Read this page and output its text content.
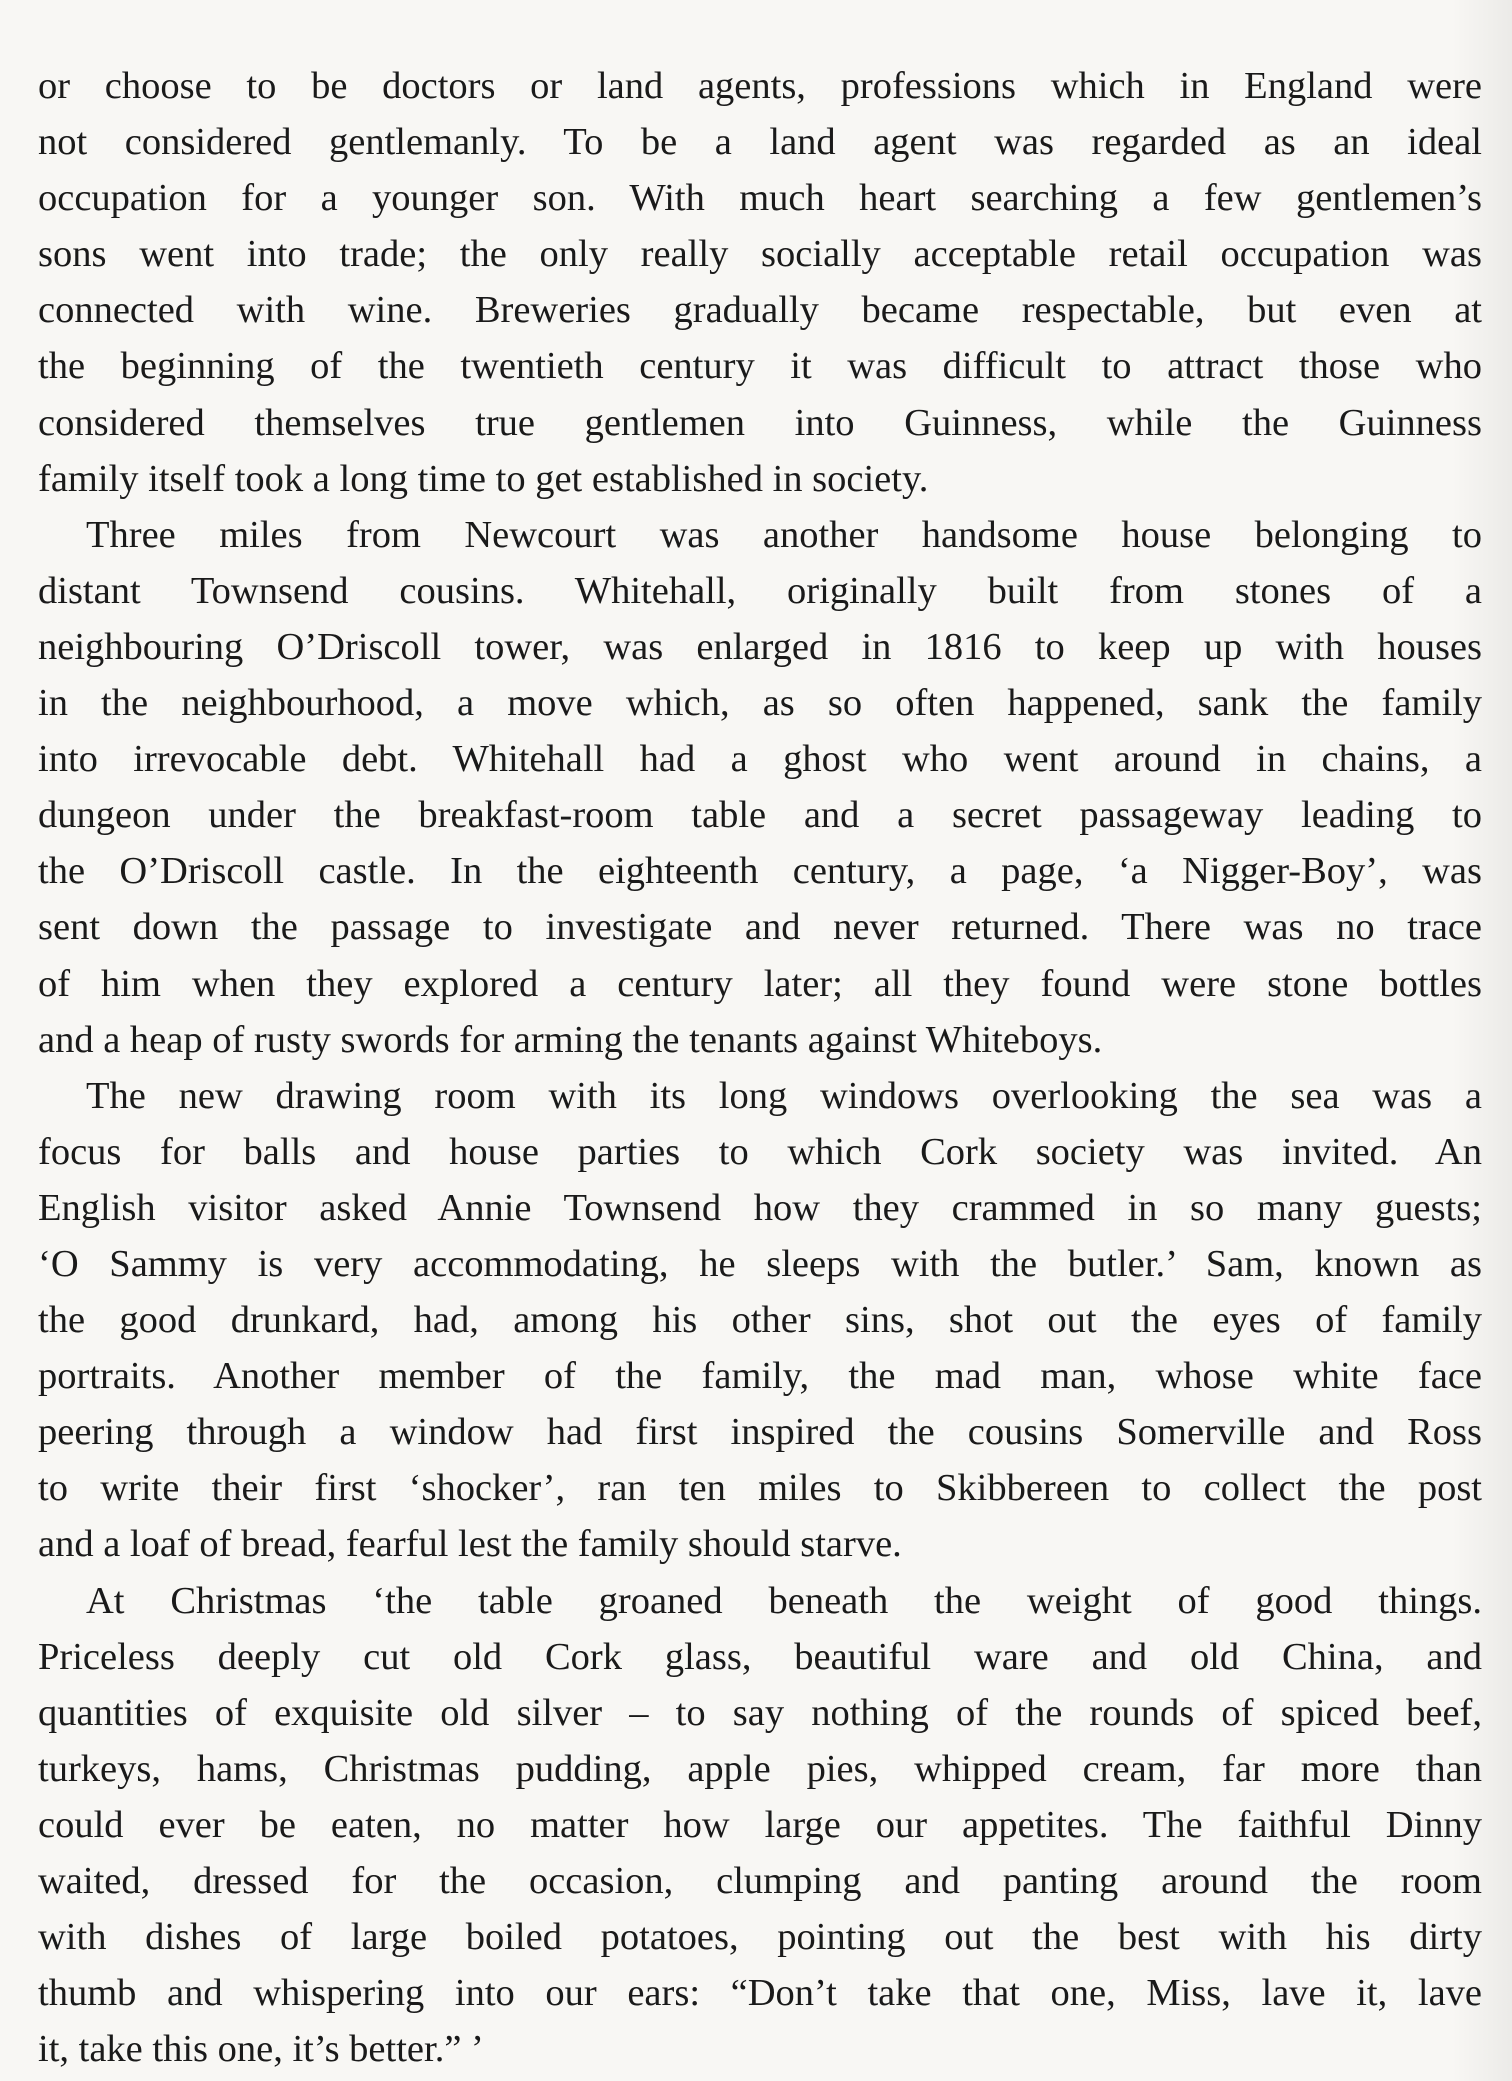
or choose to be doctors or land agents, professions which in England were
not considered gentlemanly. To be a land agent was regarded as an ideal
occupation for a younger son. With much heart searching a few gentlemen’s
sons went into trade; the only really socially acceptable retail occupation was
connected with wine. Breweries gradually became respectable, but even at
the beginning of the twentieth century it was difficult to attract those who
considered themselves true gentlemen into Guinness, while the Guinness
family itself took a long time to get established in society.
Three miles from Newcourt was another handsome house belonging to
distant Townsend cousins. Whitehall, originally built from stones of a
neighbouring O’Driscoll tower, was enlarged in 1816 to keep up with houses
in the neighbourhood, a move which, as so often happened, sank the family
into irrevocable debt. Whitehall had a ghost who went around in chains, a
dungeon under the breakfast-room table and a secret passageway leading to
the O’Driscoll castle. In the eighteenth century, a page, ‘a Nigger-Boy’, was
sent down the passage to investigate and never returned. There was no trace
of him when they explored a century later; all they found were stone bottles
and a heap of rusty swords for arming the tenants against Whiteboys.
The new drawing room with its long windows overlooking the sea was a
focus for balls and house parties to which Cork society was invited. An
English visitor asked Annie Townsend how they crammed in so many guests;
‘O Sammy is very accommodating, he sleeps with the butler.’ Sam, known as
the good drunkard, had, among his other sins, shot out the eyes of family
portraits. Another member of the family, the mad man, whose white face
peering through a window had first inspired the cousins Somerville and Ross
to write their first ‘shocker’, ran ten miles to Skibbereen to collect the post
and a loaf of bread, fearful lest the family should starve.
At Christmas ‘the table groaned beneath the weight of good things.
Priceless deeply cut old Cork glass, beautiful ware and old China, and
quantities of exquisite old silver – to say nothing of the rounds of spiced beef,
turkeys, hams, Christmas pudding, apple pies, whipped cream, far more than
could ever be eaten, no matter how large our appetites. The faithful Dinny
waited, dressed for the occasion, clumping and panting around the room
with dishes of large boiled potatoes, pointing out the best with his dirty
thumb and whispering into our ears: “Don’t take that one, Miss, lave it, lave
it, take this one, it’s better.” ’
